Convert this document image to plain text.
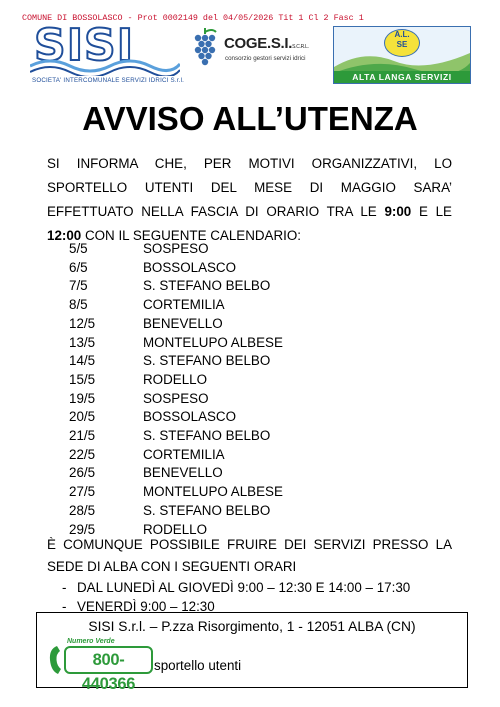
COMUNE DI BOSSOLASCO - Prot 0002149 del 04/05/2026 Tit 1 Cl 2 Fasc 1
SISI
SOCIETA' INTERCOMUNALE SERVIZI IDRICI S.r.l.
COGE.S.I.S.C.R.L.
consorzio gestori servizi idrici
A.L.
SE
ALTA LANGA SERVIZI
AVVISO ALL’UTENZA

SI INFORMA CHE, PER MOTIVI ORGANIZZATIVI, LO SPORTELLO UTENTI DEL MESE DI MAGGIO SARA’ EFFETTUATO NELLA FASCIA DI ORARIO TRA LE 9:00 E LE 12:00 CON IL SEGUENTE CALENDARIO:

5/5	SOSPESO
6/5	BOSSOLASCO
7/5	S. STEFANO BELBO
8/5	CORTEMILIA
12/5	BENEVELLO
13/5	MONTELUPO ALBESE
14/5	S. STEFANO BELBO
15/5	RODELLO
19/5	SOSPESO
20/5	BOSSOLASCO
21/5	S. STEFANO BELBO
22/5	CORTEMILIA
26/5	BENEVELLO
27/5	MONTELUPO ALBESE
28/5	S. STEFANO BELBO
29/5	RODELLO

È COMUNQUE POSSIBILE FRUIRE DEI SERVIZI PRESSO LA SEDE DI ALBA CON I SEGUENTI ORARI

- DAL LUNEDÌ AL GIOVEDÌ 9:00 – 12:30 E 14:00 – 17:30
- VENERDÌ 9:00 – 12:30
SISI S.r.l. – P.zza Risorgimento, 1 - 12051 ALBA (CN)
Numero Verde
800-440366
sportello utenti
